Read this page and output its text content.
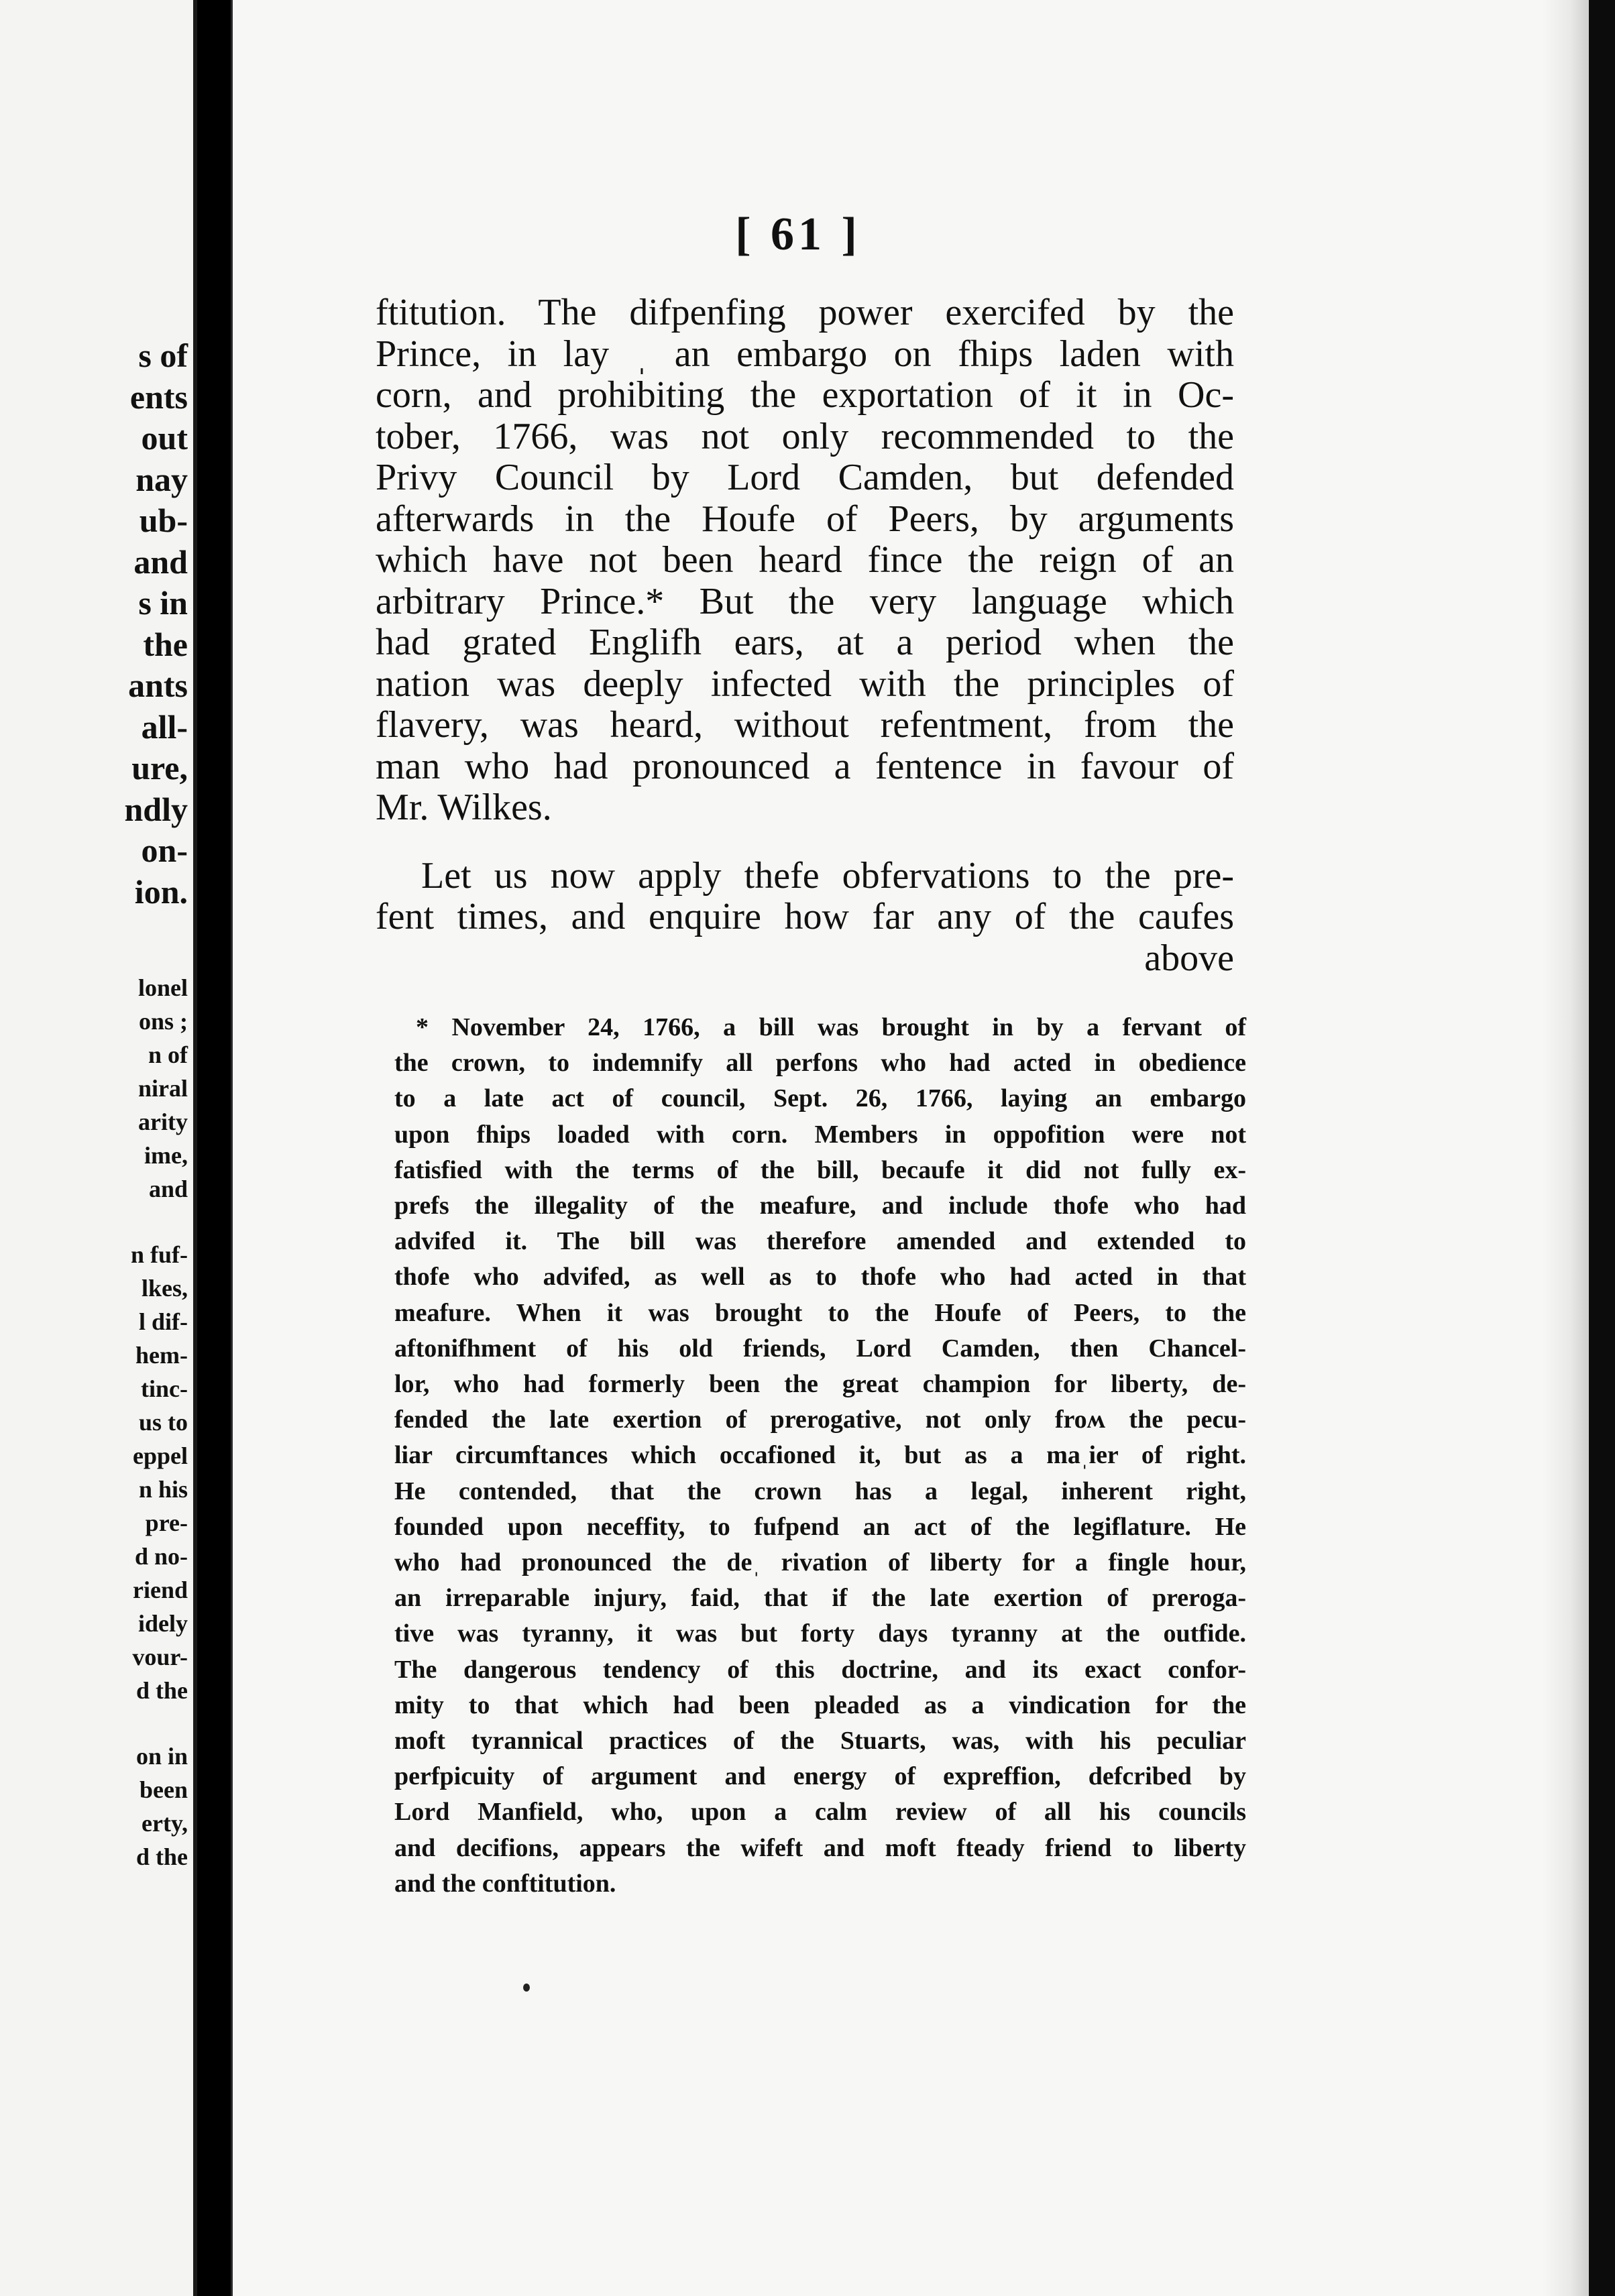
s of
ents
out
nay
ub-
and
s in
the
ants
all-
ure,
ndly
on-
ion.
lonel
ons ;
n of
niral
arity
ime,
and
n fuf-
lkes,
l dif-
hem-
tinc-
us to
eppel
n his
pre-
d no-
riend
idely
vour-
d the
on in
been
erty,
d the
[ 61 ]
ftitution. The difpenfing power exercifed by the
Prince, in lay ˌ an embargo on fhips laden with
corn, and prohibiting the exportation of it in Oc-
tober, 1766, was not only recommended to the
Privy Council by Lord Camden, but defended
afterwards in the Houfe of Peers, by arguments
which have not been heard fince the reign of an
arbitrary Prince.* But the very language which
had grated Englifh ears, at a period when the
nation was deeply infected with the principles of
flavery, was heard, without refentment, from the
man who had pronounced a fentence in favour of
Mr. Wilkes.
Let us now apply thefe obfervations to the pre-
fent times, and enquire how far any of the caufes
above
* November 24, 1766, a bill was brought in by a fervant of
the crown, to indemnify all perfons who had acted in obedience
to a late act of council, Sept. 26, 1766, laying an embargo
upon fhips loaded with corn. Members in oppofition were not
fatisfied with the terms of the bill, becaufe it did not fully ex-
prefs the illegality of the meafure, and include thofe who had
advifed it. The bill was therefore amended and extended to
thofe who advifed, as well as to thofe who had acted in that
meafure. When it was brought to the Houfe of Peers, to the
aftonifhment of his old friends, Lord Camden, then Chancel-
lor, who had formerly been the great champion for liberty, de-
fended the late exertion of prerogative, not only froʍ the pecu-
liar circumftances which occafioned it, but as a maˌier of right.
He contended, that the crown has a legal, inherent right,
founded upon neceffity, to fufpend an act of the legiflature. He
who had pronounced the deˌ rivation of liberty for a fingle hour,
an irreparable injury, faid, that if the late exertion of preroga-
tive was tyranny, it was but forty days tyranny at the outfide.
The dangerous tendency of this doctrine, and its exact confor-
mity to that which had been pleaded as a vindication for the
moft tyrannical practices of the Stuarts, was, with his peculiar
perfpicuity of argument and energy of expreffion, defcribed by
Lord Manfield, who, upon a calm review of all his councils
and decifions, appears the wifeft and moft fteady friend to liberty
and the conftitution.
